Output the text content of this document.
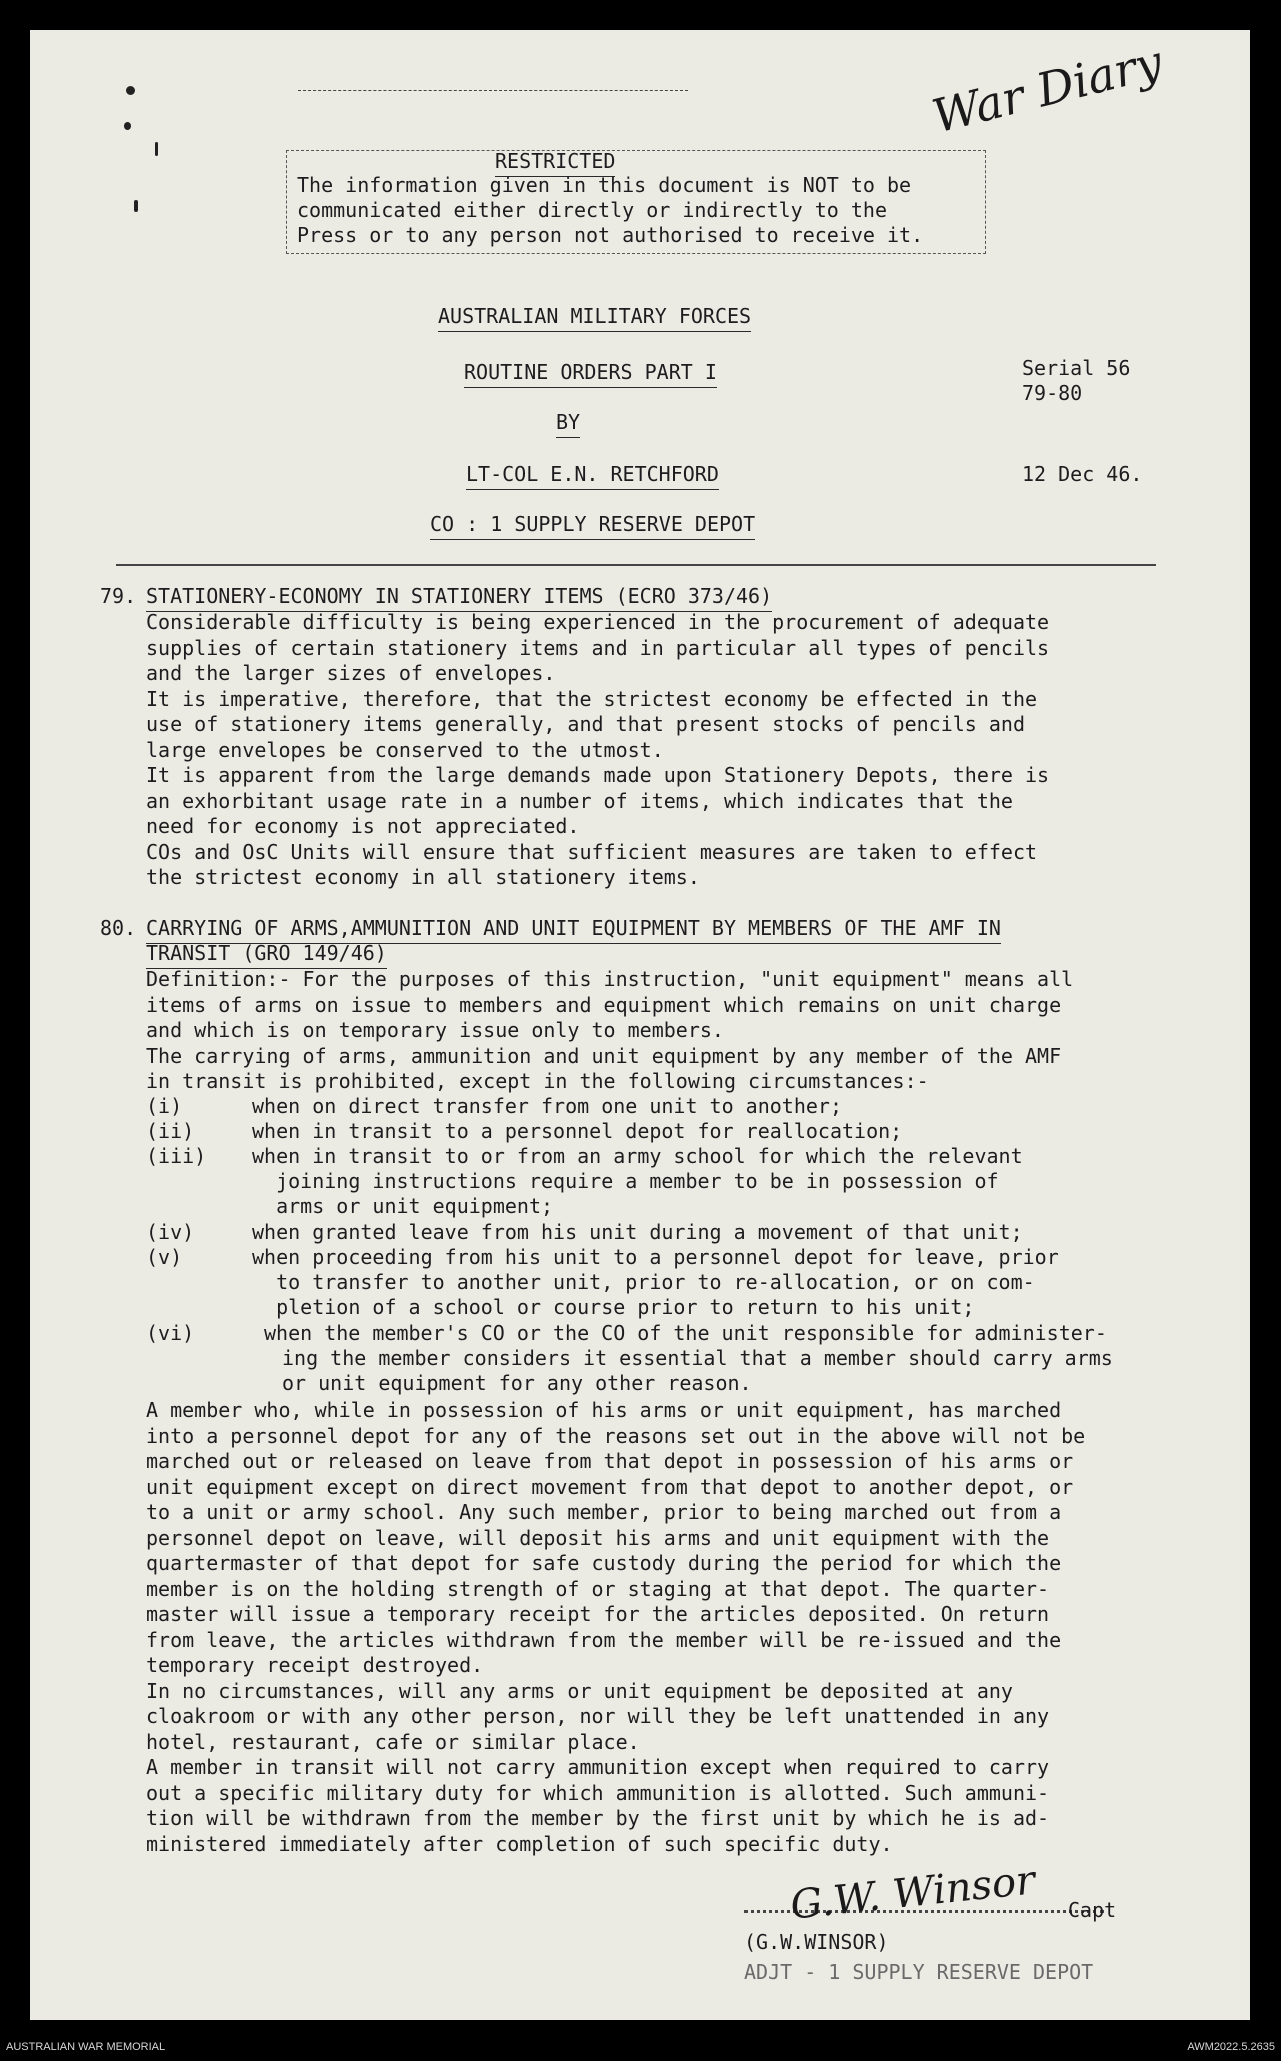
War Diary
RESTRICTED
The information given in this document is NOT to be
communicated either directly or indirectly to the
Press or to any person not authorised to receive it.
AUSTRALIAN MILITARY FORCES
ROUTINE ORDERS PART I
BY
LT-COL E.N. RETCHFORD
CO : 1 SUPPLY RESERVE DEPOT
Serial 56
79-80
12 Dec 46.
79. STATIONERY-ECONOMY IN STATIONERY ITEMS (ECRO 373/46)
Considerable difficulty is being experienced in the procurement of adequate
supplies of certain stationery items and in particular all types of pencils
and the larger sizes of envelopes.
It is imperative, therefore, that the strictest economy be effected in the
use of stationery items generally, and that present stocks of pencils and
large envelopes be conserved to the utmost.
It is apparent from the large demands made upon Stationery Depots, there is
an exhorbitant usage rate in a number of items, which indicates that the
need for economy is not appreciated.
COs and OsC Units will ensure that sufficient measures are taken to effect
the strictest economy in all stationery items.
80. CARRYING OF ARMS,AMMUNITION AND UNIT EQUIPMENT BY MEMBERS OF THE AMF IN
TRANSIT (GRO 149/46)
Definition:- For the purposes of this instruction, "unit equipment" means all
items of arms on issue to members and equipment which remains on unit charge
and which is on temporary issue only to members.
The carrying of arms, ammunition and unit equipment by any member of the AMF
in transit is prohibited, except in the following circumstances:-
(i)	when on direct transfer from one unit to another;
(ii)	when in transit to a personnel depot for reallocation;
(iii) when in transit to or from an army school for which the relevant
joining instructions require a member to be in possession of
arms or unit equipment;
(iv)	when granted leave from his unit during a movement of that unit;
(v)	when proceeding from his unit to a personnel depot for leave, prior
to transfer to another unit, prior to re-allocation, or on com-
pletion of a school or course prior to return to his unit;
(vi)	when the member's CO or the CO of the unit responsible for administer-
ing the member considers it essential that a member should carry arms
or unit equipment for any other reason.
A member who, while in possession of his arms or unit equipment, has marched
into a personnel depot for any of the reasons set out in the above will not be
marched out or released on leave from that depot in possession of his arms or
unit equipment except on direct movement from that depot to another depot, or
to a unit or army school. Any such member, prior to being marched out from a
personnel depot on leave, will deposit his arms and unit equipment with the
quartermaster of that depot for safe custody during the period for which the
member is on the holding strength of or staging at that depot. The quarter-
master will issue a temporary receipt for the articles deposited. On return
from leave, the articles withdrawn from the member will be re-issued and the
temporary receipt destroyed.
In no circumstances, will any arms or unit equipment be deposited at any
cloakroom or with any other person, nor will they be left unattended in any
hotel, restaurant, cafe or similar place.
A member in transit will not carry ammunition except when required to carry
out a specific military duty for which ammunition is allotted. Such ammuni-
tion will be withdrawn from the member by the first unit by which he is ad-
ministered immediately after completion of such specific duty.
G.W. Winsor Capt
(G.W.WINSOR)
ADJT - 1 SUPPLY RESERVE DEPOT
AUSTRALIAN WAR MEMORIAL	AWM2022.5.2635
